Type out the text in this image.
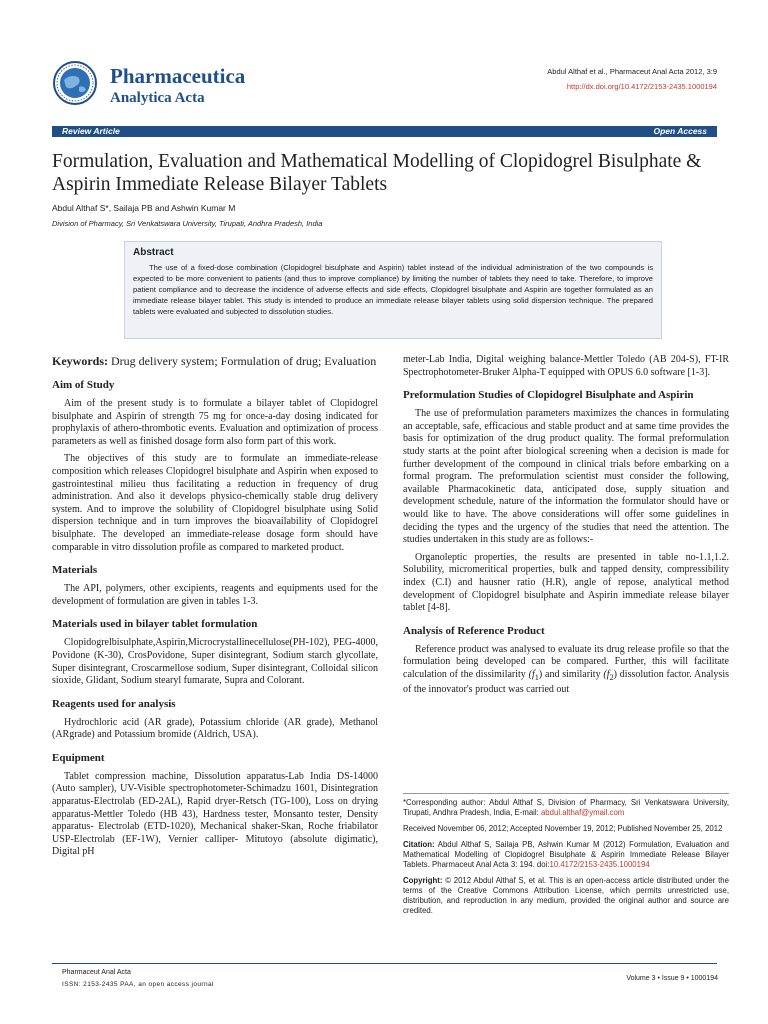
Pharmaceutica
Analytica Acta
Abdul Althaf et al., Pharmaceut Anal Acta 2012, 3:9
http://dx.doi.org/10.4172/2153-2435.1000194
Review Article	Open Access
Formulation, Evaluation and Mathematical Modelling of Clopidogrel Bisulphate & Aspirin Immediate Release Bilayer Tablets
Abdul Althaf S*, Sailaja PB and Ashwin Kumar M
Division of Pharmacy, Sri Venkatswara University, Tirupati, Andhra Pradesh, India
Abstract

The use of a fixed-dose combination (Clopidogrel bisulphate and Aspirin) tablet instead of the individual administration of the two compounds is expected to be more convenient to patients (and thus to improve compliance) by limiting the number of tablets they need to take. Therefore, to improve patient compliance and to decrease the incidence of adverse effects and side effects, Clopidogrel bisulphate and Aspirin are together formulated as an immediate release bilayer tablet. This study is intended to produce an immediate release bilayer tablets using solid dispersion technique. The prepared tablets were evaluated and subjected to dissolution studies.

Keywords: Drug delivery system; Formulation of drug; Evaluation

Aim of Study

Aim of the present study is to formulate a bilayer tablet of Clopidogrel bisulphate and Aspirin of strength 75 mg for once-a-day dosing indicated for prophylaxis of athero-thrombotic events. Evaluation and optimization of process parameters as well as finished dosage form also form part of this work.

The objectives of this study are to formulate an immediate-release composition which releases Clopidogrel bisulphate and Aspirin when exposed to gastrointestinal milieu thus facilitating a reduction in frequency of drug administration. And also it develops physico-chemically stable drug delivery system. And to improve the solubility of Clopidogrel bisulphate using Solid dispersion technique and in turn improves the bioavailability of Clopidogrel bisulphate. The developed an immediate-release dosage form should have comparable in vitro dissolution profile as compared to marketed product.

Materials

The API, polymers, other excipients, reagents and equipments used for the development of formulation are given in tables 1-3.

Materials used in bilayer tablet formulation

Clopidogrelbisulphate,Aspirin,Microcrystallinecellulose(PH-102), PEG-4000, Povidone (K-30), CrosPovidone, Super disintegrant, Sodium starch glycollate, Super disintegrant, Croscarmellose sodium, Super disintegrant, Colloidal silicon sioxide, Glidant, Sodium stearyl fumarate, Supra and Colorant.

Reagents used for analysis

Hydrochloric acid (AR grade), Potassium chloride (AR grade), Methanol (ARgrade) and Potassium bromide (Aldrich, USA).

Equipment

Tablet compression machine, Dissolution apparatus-Lab India DS-14000 (Auto sampler), UV-Visible spectrophotometer-Schimadzu 1601, Disintegration apparatus-Electrolab (ED-2AL), Rapid dryer-Retsch (TG-100), Loss on drying apparatus-Mettler Toledo (HB 43), Hardness tester, Monsanto tester, Density apparatus- Electrolab (ETD-1020), Mechanical shaker-Skan, Roche friabilator USP-Electrolab (EF-1W), Vernier calliper- Mitutoyo (absolute digimatic), Digital pH

meter-Lab India, Digital weighing balance-Mettler Toledo (AB 204-S), FT-IR Spectrophotometer-Bruker Alpha-T equipped with OPUS 6.0 software [1-3].

Preformulation Studies of Clopidogrel Bisulphate and Aspirin

The use of preformulation parameters maximizes the chances in formulating an acceptable, safe, efficacious and stable product and at same time provides the basis for optimization of the drug product quality. The formal preformulation study starts at the point after biological screening when a decision is made for further development of the compound in clinical trials before embarking on a formal program. The preformulation scientist must consider the following, available Pharmacokinetic data, anticipated dose, supply situation and development schedule, nature of the information the formulator should have or would like to have. The above considerations will offer some guidelines in deciding the types and the urgency of the studies that need the attention. The studies undertaken in this study are as follows:-

Organoleptic properties, the results are presented in table no-1.1,1.2. Solubility, micromeritical properties, bulk and tapped density, compressibility index (C.I) and hausner ratio (H.R), angle of repose, analytical method development of Clopidogrel bisulphate and Aspirin immediate release bilayer tablet [4-8].

Analysis of Reference Product

Reference product was analysed to evaluate its drug release profile so that the formulation being developed can be compared. Further, this will facilitate calculation of the dissimilarity $(f_1)$ and similarity $(f_2)$ dissolution factor. Analysis of the innovator's product was carried out

*Corresponding author: Abdul Althaf S, Division of Pharmacy, Sri Venkatswara University, Tirupati, Andhra Pradesh, India, E-mail: abdul.althaf@ymail.com

Received November 06, 2012; Accepted November 19, 2012; Published November 25, 2012

Citation: Abdul Althaf S, Sailaja PB, Ashwin Kumar M (2012) Formulation, Evaluation and Mathematical Modelling of Clopidogrel Bisulphate & Aspirin Immediate Release Bilayer Tablets. Pharmaceut Anal Acta 3: 194. doi:10.4172/2153-2435.1000194

Copyright: © 2012 Abdul Althaf S, et al. This is an open-access article distributed under the terms of the Creative Commons Attribution License, which permits unrestricted use, distribution, and reproduction in any medium, provided the original author and source are credited.

Pharmaceut Anal Acta
ISSN: 2153-2435 PAA, an open access journal
Volume 3 • Issue 9 • 1000194
